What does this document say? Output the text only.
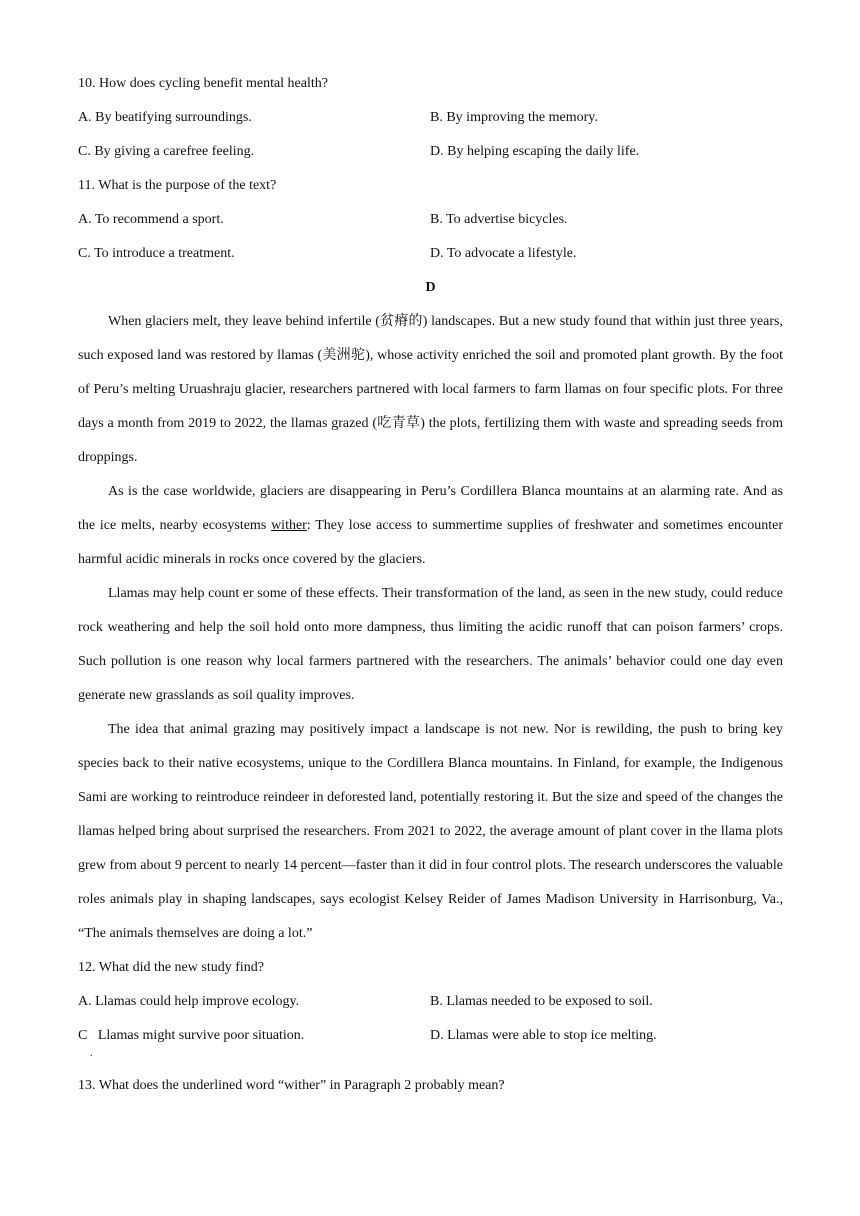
10. How does cycling benefit mental health?
A. By beatifying surroundings.	B. By improving the memory.
C. By giving a carefree feeling.	D. By helping escaping the daily life.
11. What is the purpose of the text?
A. To recommend a sport.	B. To advertise bicycles.
C. To introduce a treatment.	D. To advocate a lifestyle.
D

When glaciers melt, they leave behind infertile (贫瘠的) landscapes. But a new study found that within just three years, such exposed land was restored by llamas (美洲驼), whose activity enriched the soil and promoted plant growth. By the foot of Peru’s melting Uruashraju glacier, researchers partnered with local farmers to farm llamas on four specific plots. For three days a month from 2019 to 2022, the llamas grazed (吃青草) the plots, fertilizing them with waste and spreading seeds from droppings.

As is the case worldwide, glaciers are disappearing in Peru’s Cordillera Blanca mountains at an alarming rate. And as the ice melts, nearby ecosystems wither: They lose access to summertime supplies of freshwater and sometimes encounter harmful acidic minerals in rocks once covered by the glaciers.

Llamas may help count er some of these effects. Their transformation of the land, as seen in the new study, could reduce rock weathering and help the soil hold onto more dampness, thus limiting the acidic runoff that can poison farmers’ crops. Such pollution is one reason why local farmers partnered with the researchers. The animals’ behavior could one day even generate new grasslands as soil quality improves.

The idea that animal grazing may positively impact a landscape is not new. Nor is rewilding, the push to bring key species back to their native ecosystems, unique to the Cordillera Blanca mountains. In Finland, for example, the Indigenous Sami are working to reintroduce reindeer in deforested land, potentially restoring it. But the size and speed of the changes the llamas helped bring about surprised the researchers. From 2021 to 2022, the average amount of plant cover in the llama plots grew from about 9 percent to nearly 14 percent—faster than it did in four control plots. The research underscores the valuable roles animals play in shaping landscapes, says ecologist Kelsey Reider of James Madison University in Harrisonburg, Va., “The animals themselves are doing a lot.”

12. What did the new study find?
A. Llamas could help improve ecology.	B. Llamas needed to be exposed to soil.
C   Llamas might survive poor situation.	D. Llamas were able to stop ice melting.
.
13. What does the underlined word “wither” in Paragraph 2 probably mean?
